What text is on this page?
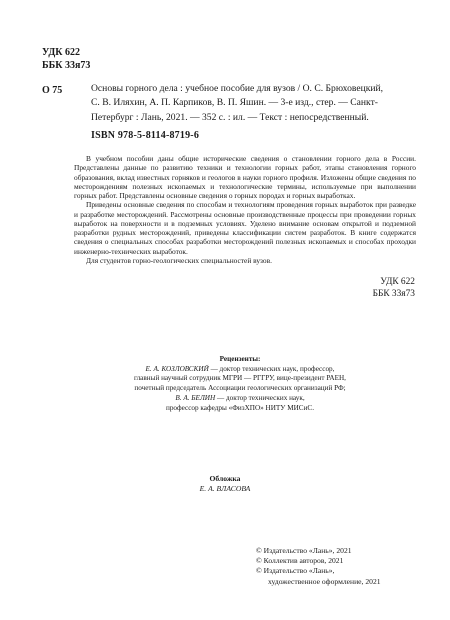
УДК 622
ББК 33я73
О 75	Основы горного дела : учебное пособие для вузов / О. С. Брюховецкий,
С. В. Иляхин, А. П. Карпиков, В. П. Яшин. — 3-е изд., стер. — Санкт-
Петербург : Лань, 2021. — 352 с. : ил. — Текст : непосредственный.
ISBN 978-5-8114-8719-6

В учебном пособии даны общие исторические сведения о становлении горного дела в России. Представлены данные по развитию техники и технологии горных работ, этапы становления горного образования, вклад известных горняков и геологов в науки горного профиля. Изложены общие сведения по месторождениям полезных ископаемых и технологические термины, используемые при выполнении горных работ. Представлены основные сведения о горных породах и горных выработках.

Приведены основные сведения по способам и технологиям проведения горных выработок при разведке и разработке месторождений. Рассмотрены основные производственные процессы при проведении горных выработок на поверхности и в подземных условиях. Уделено внимание основам открытой и подземной разработки рудных месторождений, приведены классификации систем разработок. В книге содержатся сведения о специальных способах разработки месторождений полезных ископаемых и способах проходки инженерно-технических выработок.

Для студентов горно-геологических специальностей вузов.

УДК 622
ББК 33я73
Рецензенты:
Е. А. КОЗЛОВСКИЙ — доктор технических наук, профессор,
главный научный сотрудник МГРИ — РГГРУ, вице-президент РАЕН,
почетный председатель Ассоциации геологических организаций РФ;
В. А. БЕЛИН — доктор технических наук,
профессор кафедры «ФизХПО» НИТУ МИСиС.
Обложка
Е. А. ВЛАСОВА
© Издательство «Лань», 2021
© Коллектив авторов, 2021
© Издательство «Лань»,
художественное оформление, 2021
